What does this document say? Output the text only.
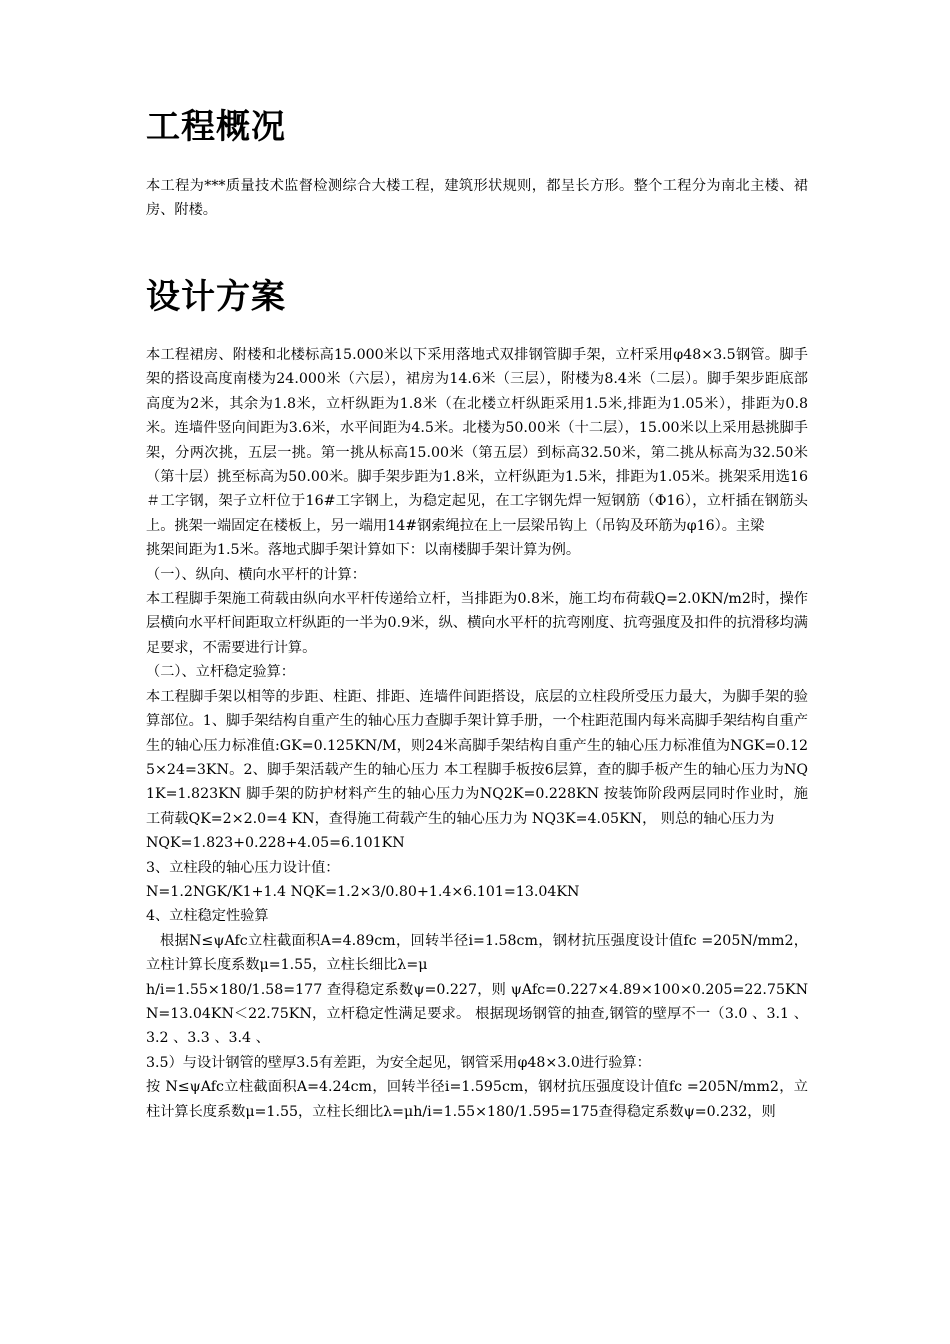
工程概况

本工程为***质量技术监督检测综合大楼工程，建筑形状规则，都呈长方形。整个工程分为南北主楼、裙房、附楼。

设计方案

本工程裙房、附楼和北楼标高15.000米以下采用落地式双排钢管脚手架，立杆采用φ48×3.5钢管。脚手架的搭设高度南楼为24.000米（六层），裙房为14.6米（三层），附楼为8.4米（二层）。脚手架步距底部高度为2米，其余为1.8米，立杆纵距为1.8米（在北楼立杆纵距采用1.5米,排距为1.05米），排距为0.8米。连墙件竖向间距为3.6米，水平间距为4.5米。北楼为50.00米（十二层），15.00米以上采用悬挑脚手架，分两次挑，五层一挑。第一挑从标高15.00米（第五层）到标高32.50米，第二挑从标高为32.50米（第十层）挑至标高为50.00米。脚手架步距为1.8米，立杆纵距为1.5米，排距为1.05米。挑架采用选16＃工字钢，架子立杆位于16#工字钢上，为稳定起见，在工字钢先焊一短钢筋（Φ16），立杆插在钢筋头上。挑架一端固定在楼板上，另一端用14#钢索绳拉在上一层梁吊钩上（吊钩及环筋为φ16）。主梁

挑架间距为1.5米。落地式脚手架计算如下：以南楼脚手架计算为例。

（一）、纵向、横向水平杆的计算：

本工程脚手架施工荷载由纵向水平杆传递给立杆，当排距为0.8米，施工均布荷载Q=2.0KN/m2时，操作层横向水平杆间距取立杆纵距的一半为0.9米，纵、横向水平杆的抗弯刚度、抗弯强度及扣件的抗滑移均满足要求，不需要进行计算。

（二）、立杆稳定验算：

本工程脚手架以相等的步距、柱距、排距、连墙件间距搭设，底层的立柱段所受压力最大，为脚手架的验算部位。1、脚手架结构自重产生的轴心压力查脚手架计算手册，一个柱距范围内每米高脚手架结构自重产生的轴心压力标准值:GK=0.125KN/M，则24米高脚手架结构自重产生的轴心压力标准值为NGK=0.125×24=3KN。2、脚手架活载产生的轴心压力 本工程脚手板按6层算，查的脚手板产生的轴心压力为NQ1K=1.823KN 脚手架的防护材料产生的轴心压力为NQ2K=0.228KN 按装饰阶段两层同时作业时，施工荷载QK=2×2.0=4 KN，查得施工荷载产生的轴心压力为 NQ3K=4.05KN， 则总的轴心压力为

NQK=1.823+0.228+4.05=6.101KN

3、立柱段的轴心压力设计值：

N=1.2NGK/K1+1.4 NQK=1.2×3/0.80+1.4×6.101=13.04KN

4、立柱稳定性验算

根据N≤ψAfc立柱截面积A=4.89cm，回转半径i=1.58cm，钢材抗压强度设计值fc =205N/mm2，立柱计算长度系数μ=1.55，立柱长细比λ=μ

h/i=1.55×180/1.58=177 查得稳定系数ψ=0.227，则 ψAfc=0.227×4.89×100×0.205=22.75KN N=13.04KN＜22.75KN，立杆稳定性满足要求。 根据现场钢管的抽查,钢管的壁厚不一（3.0 、3.1 、3.2 、3.3 、3.4 、

3.5）与设计钢管的壁厚3.5有差距，为安全起见，钢管采用φ48×3.0进行验算：

按 N≤ψAfc立柱截面积A=4.24cm，回转半径i=1.595cm，钢材抗压强度设计值fc =205N/mm2，立柱计算长度系数μ=1.55，立柱长细比λ=μh/i=1.55×180/1.595=175查得稳定系数ψ=0.232，则
